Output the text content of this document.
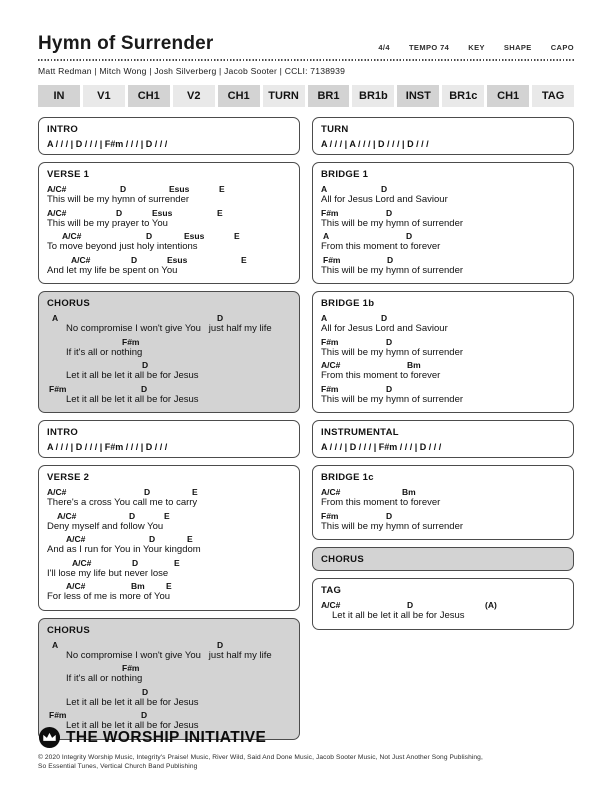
Hymn of Surrender	4/4	TEMPO 74	KEY	SHAPE	CAPO
Matt Redman | Mitch Wong | Josh Silverberg | Jacob Sooter | CCLI: 7138939
IN	V1	CH1	V2	CH1	TURN	BR1	BR1b	INST	BR1c	CH1	TAG
INTRO
A / / / | D / / / | F#m / / / | D / / /
VERSE 1
A/C#	D	Esus	E
This will be my hymn of surrender
A/C#	D	Esus	E
This will be my prayer to You
A/C#	D	Esus	E
To move beyond just holy intentions
A/C#	D	Esus	E
And let my life be spent on You
CHORUS
A	D
No compromise I won't give You   just half my life
F#m
If it's all or nothing
D
Let it all be let it all be for Jesus
F#m	D
Let it all be let it all be for Jesus
INTRO
A / / / | D / / / | F#m / / / | D / / /
VERSE 2
A/C#	D	E
There's a cross You call me to carry
A/C#	D	E
Deny myself and follow You
A/C#	D	E
And as I run for You in Your kingdom
A/C#	D	E
I'll lose my life but never lose
A/C#	Bm	E
For less of me is more of You
CHORUS
A	D
No compromise I won't give You   just half my life
F#m
If it's all or nothing
D
Let it all be let it all be for Jesus
F#m	D
Let it all be let it all be for Jesus
TURN
A / / / | A / / / | D / / / | D / / /
BRIDGE 1
A	D
All for Jesus Lord and Saviour
F#m	D
This will be my hymn of surrender
A	D
From this moment to forever
F#m	D
This will be my hymn of surrender
BRIDGE 1b
A	D
All for Jesus Lord and Saviour
F#m	D
This will be my hymn of surrender
A/C#	Bm
From this moment to forever
F#m	D
This will be my hymn of surrender
INSTRUMENTAL
A / / / | D / / / | F#m / / / | D / / /
BRIDGE 1c
A/C#	Bm
From this moment to forever
F#m	D
This will be my hymn of surrender
CHORUS
TAG
A/C#	D	(A)
Let it all be let it all be for Jesus
THE WORSHIP INITIATIVE
© 2020 Integrity Worship Music, Integrity's Praise! Music, River Wild, Said And Done Music, Jacob Sooter Music, Not Just Another Song Publishing,
So Essential Tunes, Vertical Church Band Publishing
